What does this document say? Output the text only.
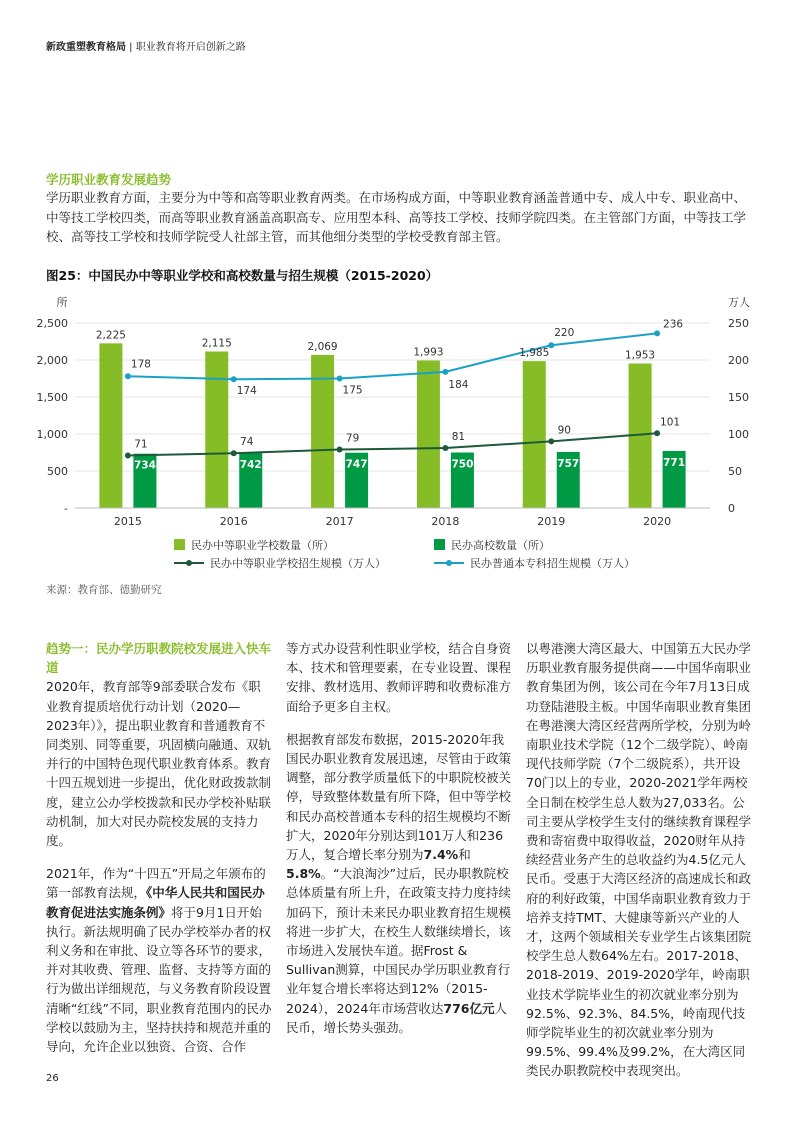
新政重塑教育格局 | 职业教育将开启创新之路
学历职业教育发展趋势
学历职业教育方面，主要分为中等和高等职业教育两类。在市场构成方面，中等职业教育涵盖普通中专、成人中专、职业高中、中等技工学校四类，而高等职业教育涵盖高职高专、应用型本科、高等技工学校、技师学院四类。在主管部门方面，中等技工学校、高等技工学校和技师学院受人社部主管，而其他细分类型的学校受教育部主管。
图25：中国民办中等职业学校和高校数量与招生规模（2015-2020）
2,225
734
2,115
742
2,069
747
1,993
750
1,985
757
1,953
771
71	74	79	81
90
101
178
174	175	184
220
236
-
500
1,000
1,500
2,000
2,500
0
50
100
150
200
250
所	万人
2015	2016	2017	2018	2019	2020
民办中等职业学校数量（所）	民办高校数量（所）
民办中等职业学校招生规模（万人）	民办普通本专科招生规模（万人）
来源：教育部、德勤研究

趋势一：民办学历职教院校发展进入快车道
2020年，教育部等9部委联合发布《职业教育提质培优行动计划（2020—2023年）》，提出职业教育和普通教育不同类别、同等重要，巩固横向融通、双轨并行的中国特色现代职业教育体系。教育十四五规划进一步提出，优化财政拨款制度，建立公办学校拨款和民办学校补贴联动机制，加大对民办院校发展的支持力度。

2021年，作为“十四五”开局之年颁布的第一部教育法规，《中华人民共和国民办教育促进法实施条例》将于9月1日开始执行。新法规明确了民办学校举办者的权利义务和在审批、设立等各环节的要求，并对其收费、管理、监督、支持等方面的行为做出详细规范，与义务教育阶段设置清晰“红线”不同，职业教育范围内的民办学校以鼓励为主，坚持扶持和规范并重的导向，允许企业以独资、合资、合作

等方式办设营利性职业学校，结合自身资本、技术和管理要素，在专业设置、课程安排、教材选用、教师评聘和收费标准方面给予更多自主权。

根据教育部发布数据，2015-2020年我国民办职业教育发展迅速，尽管由于政策调整，部分教学质量低下的中职院校被关停，导致整体数量有所下降，但中等学校和民办高校普通本专科的招生规模均不断扩大，2020年分别达到101万人和236万人，复合增长率分别为7.4%和5.8%。“大浪淘沙”过后，民办职教院校总体质量有所上升，在政策支持力度持续加码下，预计未来民办职业教育招生规模将进一步扩大，在校生人数继续增长，该市场进入发展快车道。据Frost & Sullivan测算，中国民办学历职业教育行业年复合增长率将达到12%（2015-2024），2024年市场营收达776亿元人民币，增长势头强劲。

以粤港澳大湾区最大、中国第五大民办学历职业教育服务提供商——中国华南职业教育集团为例，该公司在今年7月13日成功登陆港股主板。中国华南职业教育集团在粤港澳大湾区经营两所学校，分别为岭南职业技术学院（12个二级学院）、岭南现代技师学院（7个二级院系），共开设70门以上的专业，2020-2021学年两校全日制在校学生总人数为27,033名。公司主要从学校学生支付的继续教育课程学费和寄宿费中取得收益，2020财年从持续经营业务产生的总收益约为4.5亿元人民币。受惠于大湾区经济的高速成长和政府的利好政策，中国华南职业教育致力于培养支持TMT、大健康等新兴产业的人才，这两个领域相关专业学生占该集团院校学生总人数64%左右。2017-2018、2018-2019、2019-2020学年，岭南职业技术学院毕业生的初次就业率分别为92.5%、92.3%、84.5%，岭南现代技师学院毕业生的初次就业率分别为99.5%、99.4%及99.2%，在大湾区同类民办职教院校中表现突出。

26
